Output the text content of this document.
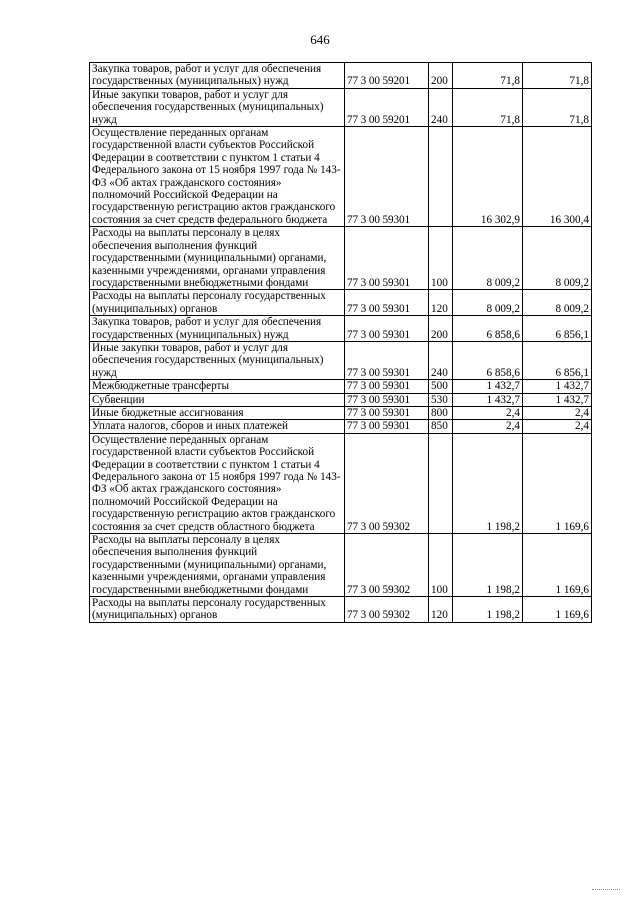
646
Закупка товаров, работ и услуг для обеспечения государственных (муниципальных) нужд	77 3 00 59201	200	71,8	71,8
Иные закупки товаров, работ и услуг для обеспечения государственных (муниципальных) нужд	77 3 00 59201	240	71,8	71,8
Осуществление переданных органам государственной власти субъектов Российской Федерации в соответствии с пунктом 1 статьи 4 Федерального закона от 15 ноября 1997 года № 143-ФЗ «Об актах гражданского состояния» полномочий Российской Федерации на государственную регистрацию актов гражданского состояния за счет средств федерального бюджета	77 3 00 59301		16 302,9	16 300,4
Расходы на выплаты персоналу в целях обеспечения выполнения функций государственными (муниципальными) органами, казенными учреждениями, органами управления государственными внебюджетными фондами	77 3 00 59301	100	8 009,2	8 009,2
Расходы на выплаты персоналу государственных (муниципальных) органов	77 3 00 59301	120	8 009,2	8 009,2
Закупка товаров, работ и услуг для обеспечения государственных (муниципальных) нужд	77 3 00 59301	200	6 858,6	6 856,1
Иные закупки товаров, работ и услуг для обеспечения государственных (муниципальных) нужд	77 3 00 59301	240	6 858,6	6 856,1
Межбюджетные трансферты	77 3 00 59301	500	1 432,7	1 432,7
Субвенции	77 3 00 59301	530	1 432,7	1 432,7
Иные бюджетные ассигнования	77 3 00 59301	800	2,4	2,4
Уплата налогов, сборов и иных платежей	77 3 00 59301	850	2,4	2,4
Осуществление переданных органам государственной власти субъектов Российской Федерации в соответствии с пунктом 1 статьи 4 Федерального закона от 15 ноября 1997 года № 143-ФЗ «Об актах гражданского состояния» полномочий Российской Федерации на государственную регистрацию актов гражданского состояния за счет средств областного бюджета	77 3 00 59302		1 198,2	1 169,6
Расходы на выплаты персоналу в целях обеспечения выполнения функций государственными (муниципальными) органами, казенными учреждениями, органами управления государственными внебюджетными фондами	77 3 00 59302	100	1 198,2	1 169,6
Расходы на выплаты персоналу государственных (муниципальных) органов	77 3 00 59302	120	1 198,2	1 169,6
